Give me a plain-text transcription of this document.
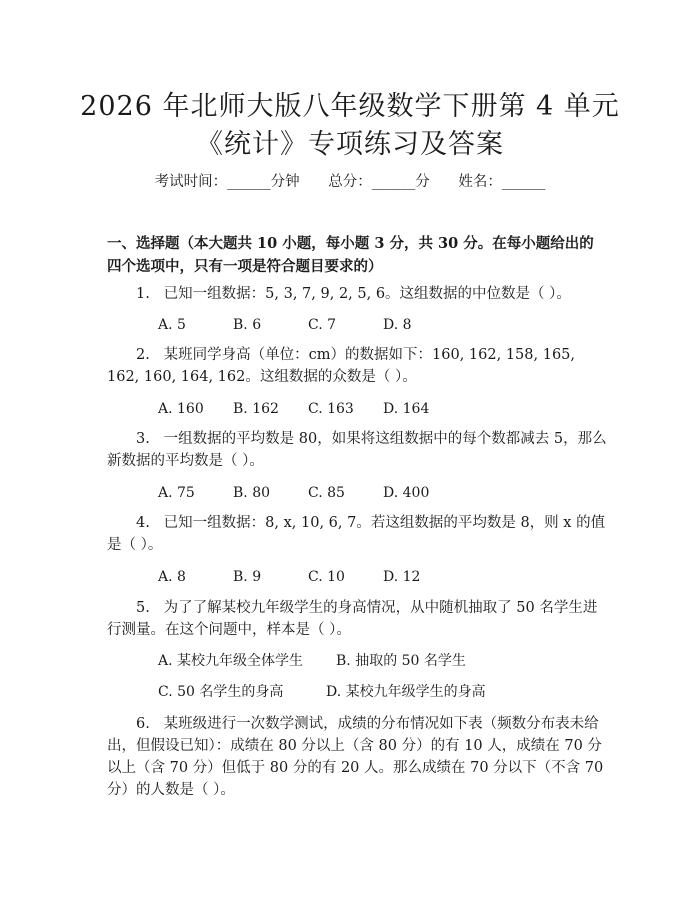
2026 年北师大版八年级数学下册第 4 单元
《统计》专项练习及答案
考试时间：______分钟 总分：______分 姓名：______
一、选择题（本大题共 10 小题，每小题 3 分，共 30 分。在每小题给出的四个选项中，只有一项是符合题目要求的）
1. 已知一组数据：5, 3, 7, 9, 2, 5, 6。这组数据的中位数是（ ）。
A. 5	B. 6	C. 7	D. 8
2. 某班同学身高（单位：cm）的数据如下：160, 162, 158, 165, 162, 160, 164, 162。这组数据的众数是（ ）。
A. 160 B. 162 C. 163 D. 164
3. 一组数据的平均数是 80，如果将这组数据中的每个数都减去 5，那么新数据的平均数是（ ）。
A. 75	B. 80	C. 85	D. 400
4. 已知一组数据：8, x, 10, 6, 7。若这组数据的平均数是 8，则 x 的值是（ ）。
A. 8	B. 9	C. 10	D. 12
5. 为了了解某校九年级学生的身高情况，从中随机抽取了 50 名学生进行测量。在这个问题中，样本是（ ）。
A. 某校九年级全体学生 B. 抽取的 50 名学生
C. 50 名学生的身高	D. 某校九年级学生的身高
6. 某班级进行一次数学测试，成绩的分布情况如下表（频数分布表未给出，但假设已知）：成绩在 80 分以上（含 80 分）的有 10 人，成绩在 70 分以上（含 70 分）但低于 80 分的有 20 人。那么成绩在 70 分以下（不含 70 分）的人数是（ ）。
